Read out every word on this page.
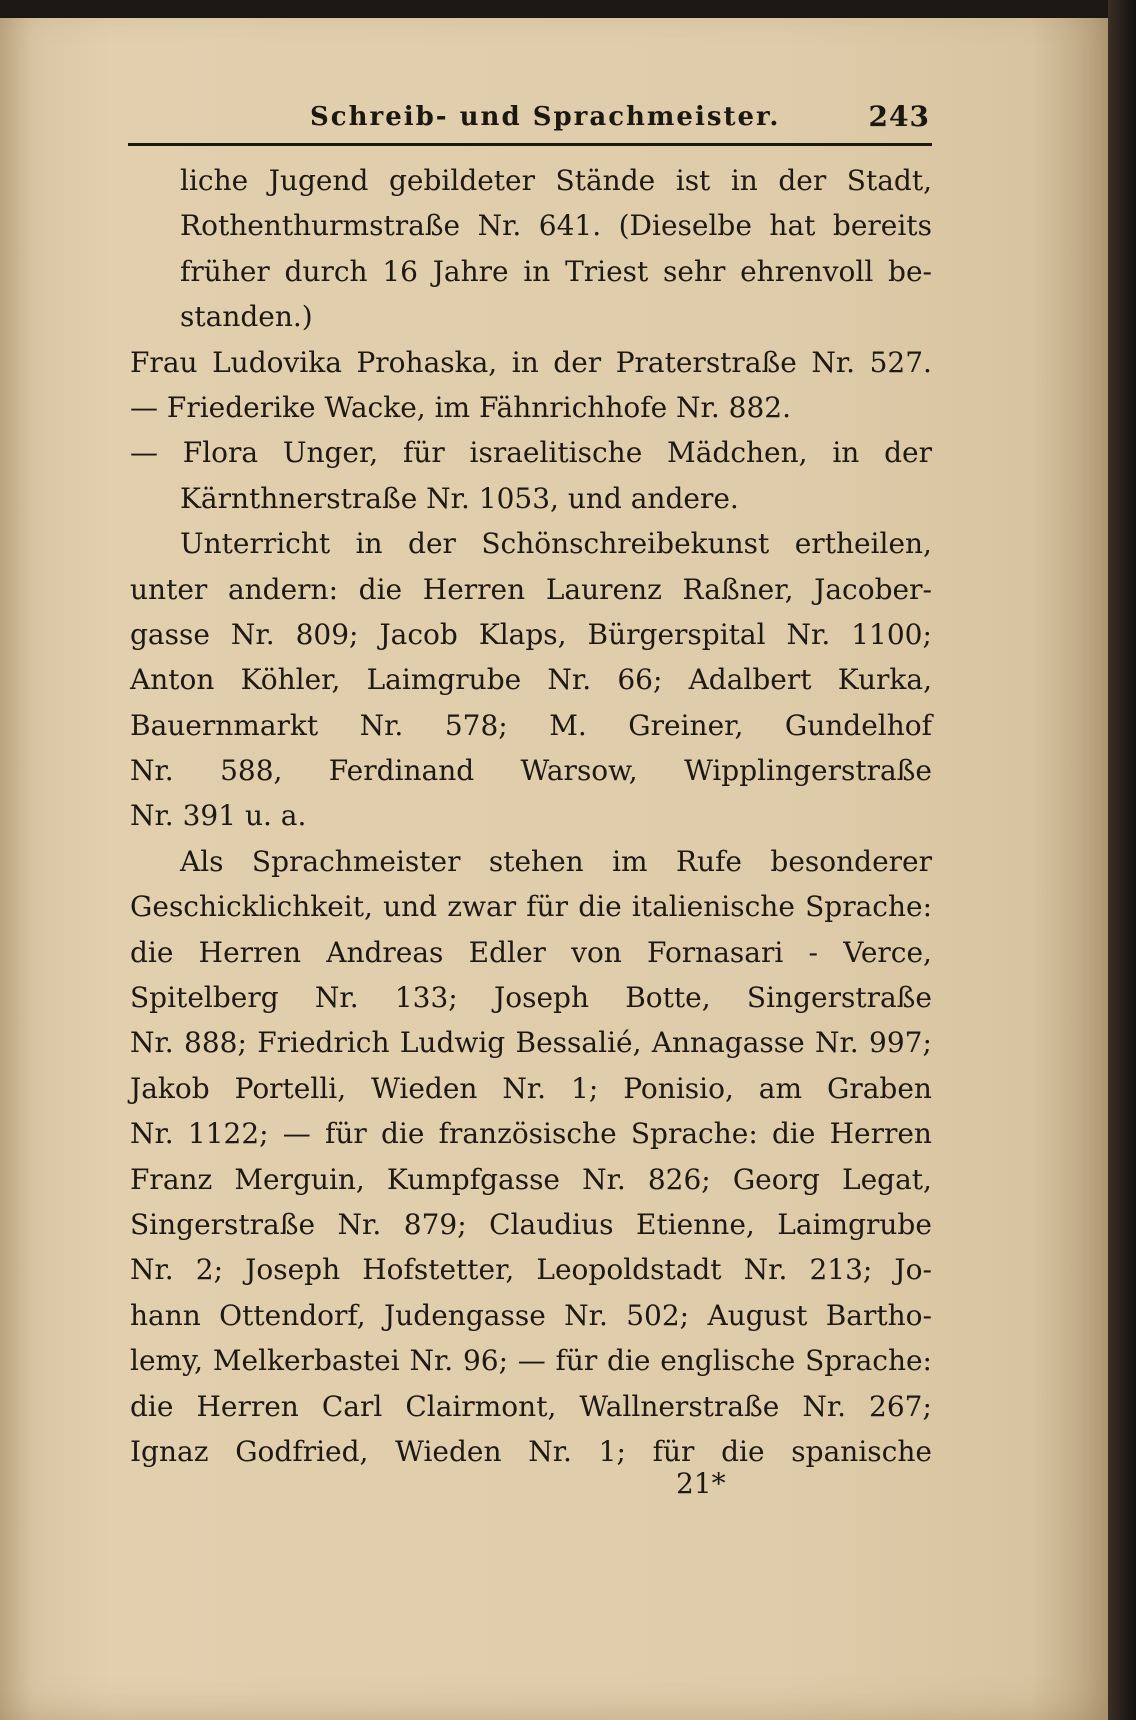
Schreib- und Sprachmeister.	243
liche Jugend gebildeter Stände ist in der Stadt,
Rothenthurmstraße Nr. 641. (Dieselbe hat bereits
früher durch 16 Jahre in Triest sehr ehrenvoll be-
standen.)
Frau Ludovika Prohaska, in der Praterstraße Nr. 527.
— Friederike Wacke, im Fähnrichhofe Nr. 882.
— Flora Unger, für israelitische Mädchen, in der
Kärnthnerstraße Nr. 1053, und andere.
Unterricht in der Schönschreibekunst ertheilen,
unter andern: die Herren Laurenz Raßner, Jacober-
gasse Nr. 809; Jacob Klaps, Bürgerspital Nr. 1100;
Anton Köhler, Laimgrube Nr. 66; Adalbert Kurka,
Bauernmarkt Nr. 578; M. Greiner, Gundelhof
Nr. 588, Ferdinand Warsow, Wipplingerstraße
Nr. 391 u. a.
Als Sprachmeister stehen im Rufe besonderer
Geschicklichkeit, und zwar für die italienische Sprache:
die Herren Andreas Edler von Fornasari - Verce,
Spitelberg Nr. 133; Joseph Botte, Singerstraße
Nr. 888; Friedrich Ludwig Bessalié, Annagasse Nr. 997;
Jakob Portelli, Wieden Nr. 1; Ponisio, am Graben
Nr. 1122; — für die französische Sprache: die Herren
Franz Merguin, Kumpfgasse Nr. 826; Georg Legat,
Singerstraße Nr. 879; Claudius Etienne, Laimgrube
Nr. 2; Joseph Hofstetter, Leopoldstadt Nr. 213; Jo-
hann Ottendorf, Judengasse Nr. 502; August Bartho-
lemy, Melkerbastei Nr. 96; — für die englische Sprache:
die Herren Carl Clairmont, Wallnerstraße Nr. 267;
Ignaz Godfried, Wieden Nr. 1; für die spanische
21*
